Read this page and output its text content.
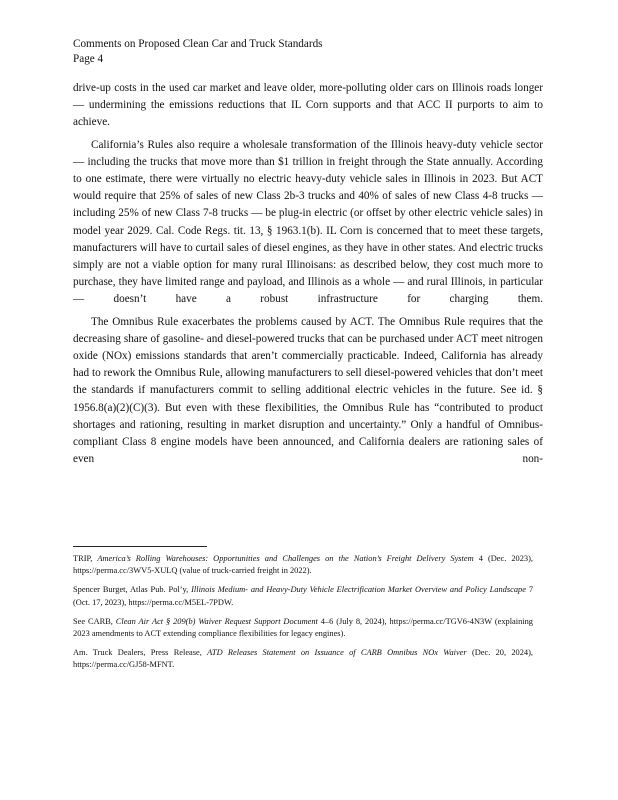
Comments on Proposed Clean Car and Truck Standards
Page 4

drive-up costs in the used car market and leave older, more-polluting older cars on Illinois roads longer — undermining the emissions reductions that IL Corn supports and that ACC II purports to aim to achieve.

California’s Rules also require a wholesale transformation of the Illinois heavy-duty vehicle sector — including the trucks that move more than $1 trillion in freight through the State annually. According to one estimate, there were virtually no electric heavy-duty vehicle sales in Illinois in 2023. But ACT would require that 25% of sales of new Class 2b-3 trucks and 40% of sales of new Class 4-8 trucks — including 25% of new Class 7-8 trucks — be plug-in electric (or offset by other electric vehicle sales) in model year 2029. Cal. Code Regs. tit. 13, § 1963.1(b). IL Corn is concerned that to meet these targets, manufacturers will have to curtail sales of diesel engines, as they have in other states. And electric trucks simply are not a viable option for many rural Illinoisans: as described below, they cost much more to purchase, they have limited range and payload, and Illinois as a whole — and rural Illinois, in particular — doesn’t have a robust infrastructure for charging them.

The Omnibus Rule exacerbates the problems caused by ACT. The Omnibus Rule requires that the decreasing share of gasoline- and diesel-powered trucks that can be purchased under ACT meet nitrogen oxide (NOx) emissions standards that aren’t commercially practicable. Indeed, California has already had to rework the Omnibus Rule, allowing manufacturers to sell diesel-powered vehicles that don’t meet the standards if manufacturers commit to selling additional electric vehicles in the future. See id. § 1956.8(a)(2)(C)(3). But even with these flexibilities, the Omnibus Rule has “contributed to product shortages and rationing, resulting in market disruption and uncertainty.” Only a handful of Omnibus-compliant Class 8 engine models have been announced, and California dealers are rationing sales of even non-

TRIP, America’s Rolling Warehouses: Opportunities and Challenges on the Nation’s Freight Delivery System 4 (Dec. 2023), https://perma.cc/3WV5-XULQ (value of truck-carried freight in 2022).
Spencer Burget, Atlas Pub. Pol’y, Illinois Medium- and Heavy-Duty Vehicle Electrification Market Overview and Policy Landscape 7 (Oct. 17, 2023), https://perma.cc/M5EL-7PDW.
See CARB, Clean Air Act § 209(b) Waiver Request Support Document 4–6 (July 8, 2024), https://perma.cc/TGV6-4N3W (explaining 2023 amendments to ACT extending compliance flexibilities for legacy engines).
Am. Truck Dealers, Press Release, ATD Releases Statement on Issuance of CARB Omnibus NOx Waiver (Dec. 20, 2024), https://perma.cc/GJ58-MFNT.
